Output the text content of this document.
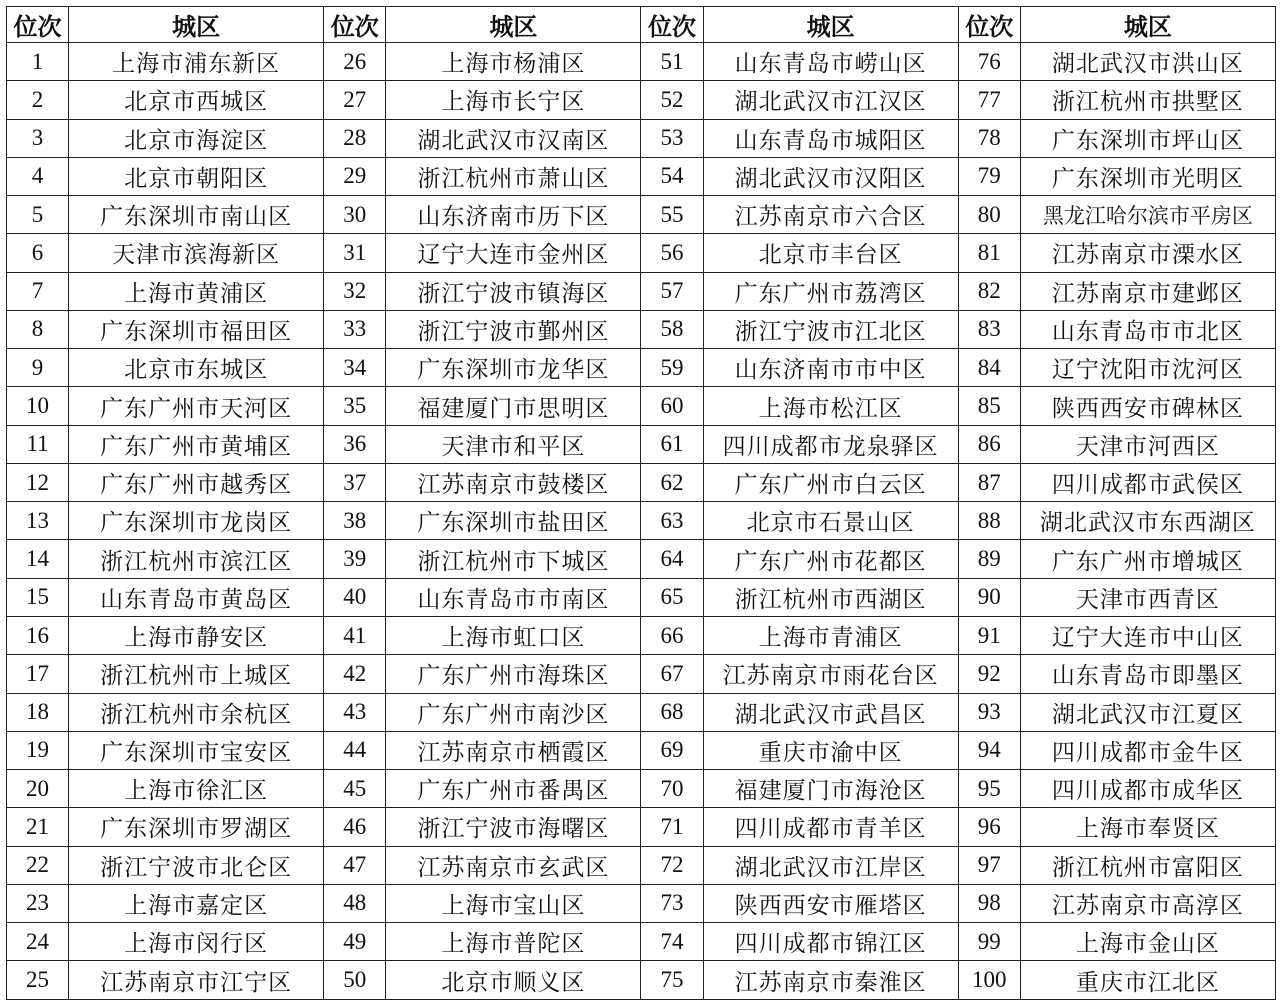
位次	城区	位次	城区	位次	城区	位次	城区
1	上海市浦东新区	26	上海市杨浦区	51	山东青岛市崂山区	76	湖北武汉市洪山区
2	北京市西城区	27	上海市长宁区	52	湖北武汉市江汉区	77	浙江杭州市拱墅区
3	北京市海淀区	28	湖北武汉市汉南区	53	山东青岛市城阳区	78	广东深圳市坪山区
4	北京市朝阳区	29	浙江杭州市萧山区	54	湖北武汉市汉阳区	79	广东深圳市光明区
5	广东深圳市南山区	30	山东济南市历下区	55	江苏南京市六合区	80	黑龙江哈尔滨市平房区
6	天津市滨海新区	31	辽宁大连市金州区	56	北京市丰台区	81	江苏南京市溧水区
7	上海市黄浦区	32	浙江宁波市镇海区	57	广东广州市荔湾区	82	江苏南京市建邺区
8	广东深圳市福田区	33	浙江宁波市鄞州区	58	浙江宁波市江北区	83	山东青岛市市北区
9	北京市东城区	34	广东深圳市龙华区	59	山东济南市市中区	84	辽宁沈阳市沈河区
10	广东广州市天河区	35	福建厦门市思明区	60	上海市松江区	85	陕西西安市碑林区
11	广东广州市黄埔区	36	天津市和平区	61	四川成都市龙泉驿区	86	天津市河西区
12	广东广州市越秀区	37	江苏南京市鼓楼区	62	广东广州市白云区	87	四川成都市武侯区
13	广东深圳市龙岗区	38	广东深圳市盐田区	63	北京市石景山区	88	湖北武汉市东西湖区
14	浙江杭州市滨江区	39	浙江杭州市下城区	64	广东广州市花都区	89	广东广州市增城区
15	山东青岛市黄岛区	40	山东青岛市市南区	65	浙江杭州市西湖区	90	天津市西青区
16	上海市静安区	41	上海市虹口区	66	上海市青浦区	91	辽宁大连市中山区
17	浙江杭州市上城区	42	广东广州市海珠区	67	江苏南京市雨花台区	92	山东青岛市即墨区
18	浙江杭州市余杭区	43	广东广州市南沙区	68	湖北武汉市武昌区	93	湖北武汉市江夏区
19	广东深圳市宝安区	44	江苏南京市栖霞区	69	重庆市渝中区	94	四川成都市金牛区
20	上海市徐汇区	45	广东广州市番禺区	70	福建厦门市海沧区	95	四川成都市成华区
21	广东深圳市罗湖区	46	浙江宁波市海曙区	71	四川成都市青羊区	96	上海市奉贤区
22	浙江宁波市北仑区	47	江苏南京市玄武区	72	湖北武汉市江岸区	97	浙江杭州市富阳区
23	上海市嘉定区	48	上海市宝山区	73	陕西西安市雁塔区	98	江苏南京市高淳区
24	上海市闵行区	49	上海市普陀区	74	四川成都市锦江区	99	上海市金山区
25	江苏南京市江宁区	50	北京市顺义区	75	江苏南京市秦淮区	100	重庆市江北区
